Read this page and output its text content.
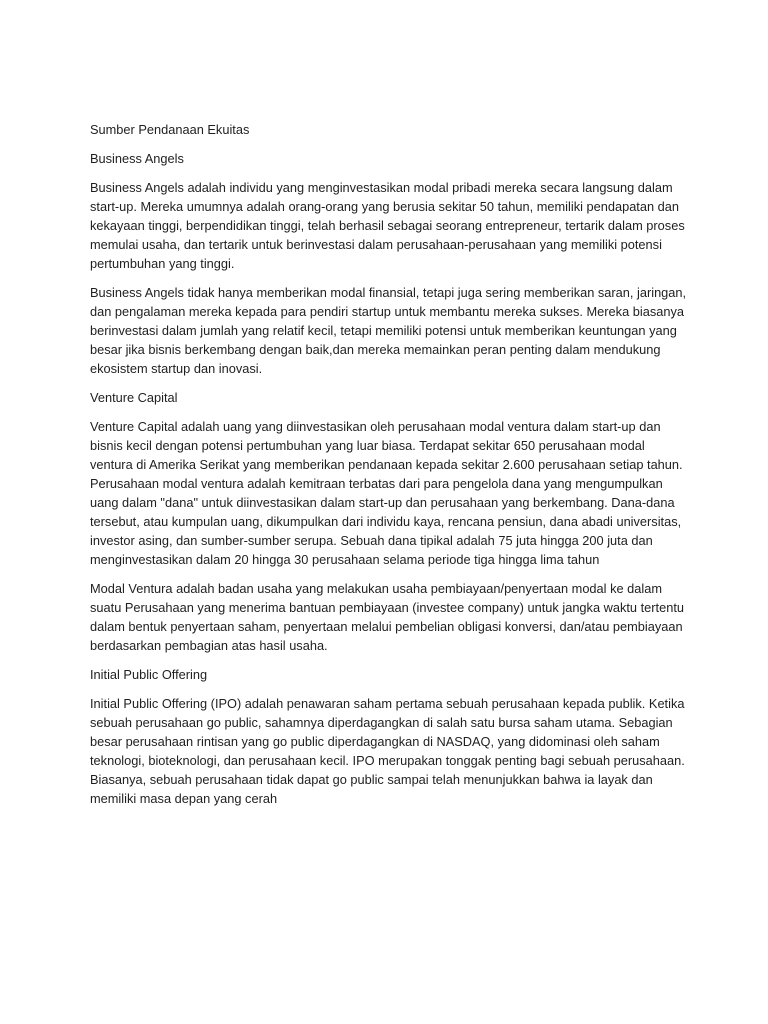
Sumber Pendanaan Ekuitas
Business Angels
Business Angels adalah individu yang menginvestasikan modal pribadi mereka secara langsung dalam
start-up. Mereka umumnya adalah orang-orang yang berusia sekitar 50 tahun, memiliki pendapatan dan
kekayaan tinggi, berpendidikan tinggi, telah berhasil sebagai seorang entrepreneur, tertarik dalam proses
memulai usaha, dan tertarik untuk berinvestasi dalam perusahaan-perusahaan yang memiliki potensi
pertumbuhan yang tinggi.
Business Angels tidak hanya memberikan modal finansial, tetapi juga sering memberikan saran, jaringan,
dan pengalaman mereka kepada para pendiri startup untuk membantu mereka sukses. Mereka biasanya
berinvestasi dalam jumlah yang relatif kecil, tetapi memiliki potensi untuk memberikan keuntungan yang
besar jika bisnis berkembang dengan baik,dan mereka memainkan peran penting dalam mendukung
ekosistem startup dan inovasi.
Venture Capital
Venture Capital adalah uang yang diinvestasikan oleh perusahaan modal ventura dalam start-up dan
bisnis kecil dengan potensi pertumbuhan yang luar biasa. Terdapat sekitar 650 perusahaan modal
ventura di Amerika Serikat yang memberikan pendanaan kepada sekitar 2.600 perusahaan setiap tahun.
Perusahaan modal ventura adalah kemitraan terbatas dari para pengelola dana yang mengumpulkan
uang dalam "dana" untuk diinvestasikan dalam start-up dan perusahaan yang berkembang. Dana-dana
tersebut, atau kumpulan uang, dikumpulkan dari individu kaya, rencana pensiun, dana abadi universitas,
investor asing, dan sumber-sumber serupa. Sebuah dana tipikal adalah 75 juta hingga 200 juta dan
menginvestasikan dalam 20 hingga 30 perusahaan selama periode tiga hingga lima tahun
Modal Ventura adalah badan usaha yang melakukan usaha pembiayaan/penyertaan modal ke dalam
suatu Perusahaan yang menerima bantuan pembiayaan (investee company) untuk jangka waktu tertentu
dalam bentuk penyertaan saham, penyertaan melalui pembelian obligasi konversi, dan/atau pembiayaan
berdasarkan pembagian atas hasil usaha.
Initial Public Offering
Initial Public Offering (IPO) adalah penawaran saham pertama sebuah perusahaan kepada publik. Ketika
sebuah perusahaan go public, sahamnya diperdagangkan di salah satu bursa saham utama. Sebagian
besar perusahaan rintisan yang go public diperdagangkan di NASDAQ, yang didominasi oleh saham
teknologi, bioteknologi, dan perusahaan kecil. IPO merupakan tonggak penting bagi sebuah perusahaan.
Biasanya, sebuah perusahaan tidak dapat go public sampai telah menunjukkan bahwa ia layak dan
memiliki masa depan yang cerah
